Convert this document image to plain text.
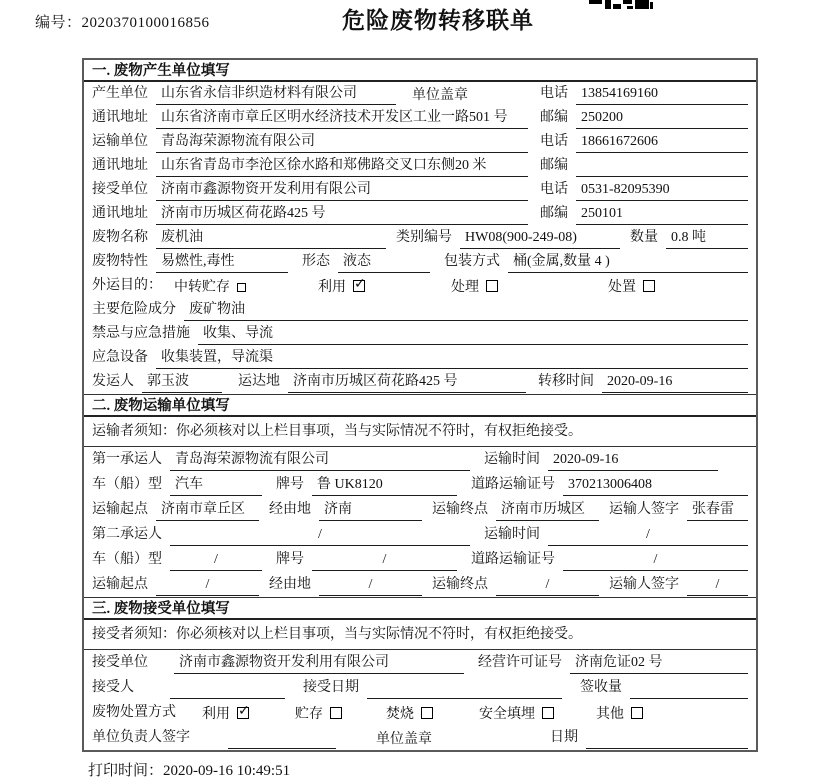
编号：2020370100016856	危险废物转移联单
一. 废物产生单位填写
产生单位 山东省永信非织造材料有限公司	单位盖章	电话 13854169160
通讯地址 山东省济南市章丘区明水经济技术开发区工业一路501 号	邮编 250200
运输单位 青岛海荣源物流有限公司	电话 18661672606
通讯地址 山东省青岛市李沧区徐水路和郑佛路交叉口东侧20 米	邮编
接受单位 济南市鑫源物资开发利用有限公司	电话 0531-82095390
通讯地址 济南市历城区荷花路425 号	邮编 250101
废物名称 废机油	类别编号 HW08(900-249-08)	数量 0.8 吨
废物特性 易燃性,毒性	形态 液态	包装方式 桶(金属,数量 4 )
外运目的： 中转贮存	利用 ✓	处理	处置
主要危险成分 废矿物油
禁忌与应急措施 收集、导流
应急设备 收集装置，导流渠
发运人 郭玉波	运达地 济南市历城区荷花路425 号	转移时间 2020-09-16
二. 废物运输单位填写
运输者须知：你必须核对以上栏目事项，当与实际情况不符时，有权拒绝接受。
第一承运人 青岛海荣源物流有限公司	运输时间 2020-09-16
车（船）型 汽车	牌号 鲁 UK8120	道路运输证号 370213006408
运输起点 济南市章丘区	经由地 济南	运输终点 济南市历城区	运输人签字 张春雷
第二承运人	/	运输时间	/
车（船）型	/	牌号	/	道路运输证号	/
运输起点	/	经由地	/	运输终点	/	运输人签字	/
三. 废物接受单位填写
接受者须知：你必须核对以上栏目事项，当与实际情况不符时，有权拒绝接受。
接受单位	济南市鑫源物资开发利用有限公司	经营许可证号 济南危证02 号
接受人	接受日期	签收量
废物处置方式 利用 ✓	贮存	焚烧	安全填埋	其他
单位负责人签字	单位盖章	日期
打印时间：2020-09-16 10:49:51
